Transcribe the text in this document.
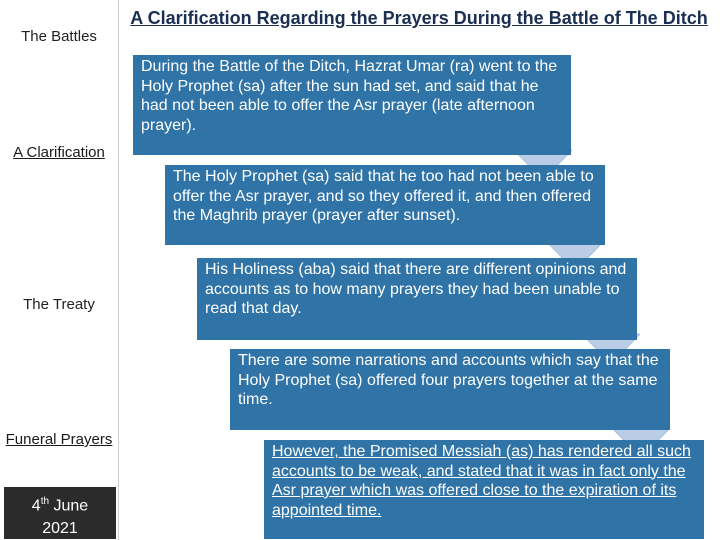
The Battles
A Clarification
The Treaty
Funeral Prayers
4th June
2021
A Clarification Regarding the Prayers During the Battle of The Ditch
During the Battle of the Ditch, Hazrat Umar (ra) went to the Holy Prophet (sa) after the sun had set, and said that he had not been able to offer the Asr prayer (late afternoon prayer).
The Holy Prophet (sa) said that he too had not been able to offer the Asr prayer, and so they offered it, and then offered the Maghrib prayer (prayer after sunset).
His Holiness (aba) said that there are different opinions and accounts as to how many prayers they had been unable to read that day.
There are some narrations and accounts which say that the Holy Prophet (sa) offered four prayers together at the same time.
However, the Promised Messiah (as) has rendered all such accounts to be weak, and stated that it was in fact only the Asr prayer which was offered close to the expiration of its appointed time.
